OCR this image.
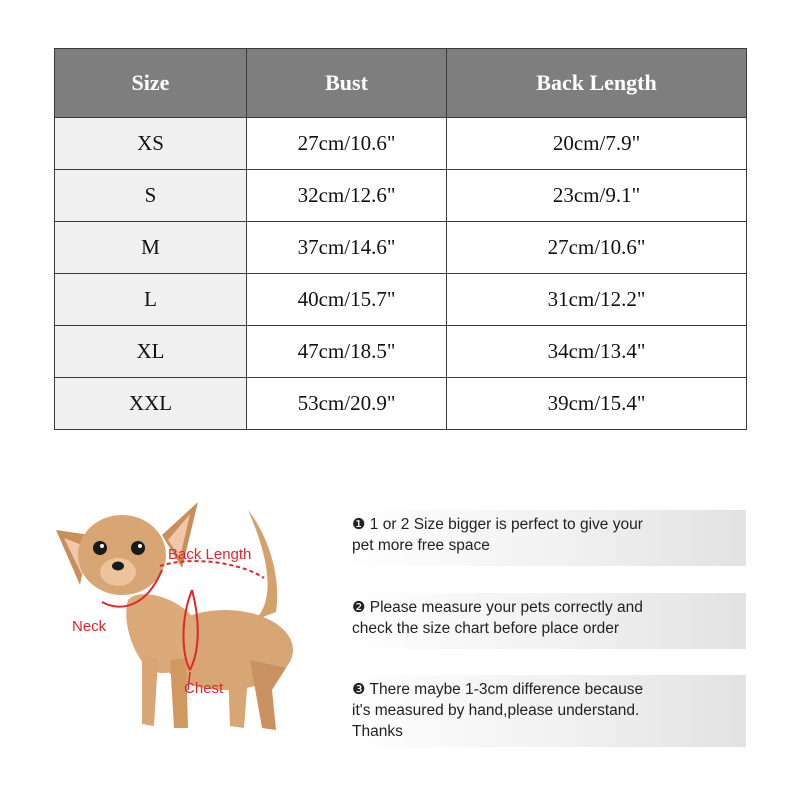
Size	Bust	Back Length
XS	27cm/10.6"	20cm/7.9"
S	32cm/12.6"	23cm/9.1"
M	37cm/14.6"	27cm/10.6"
L	40cm/15.7"	31cm/12.2"
XL	47cm/18.5"	34cm/13.4"
XXL	53cm/20.9"	39cm/15.4"
Back Length
Neck
Chest
❶ 1 or 2 Size bigger is perfect to give your
pet more free space
❷ Please measure your pets correctly and
check the size chart before place order
❸ There maybe 1-3cm difference because
it's measured by hand,please understand.
Thanks
